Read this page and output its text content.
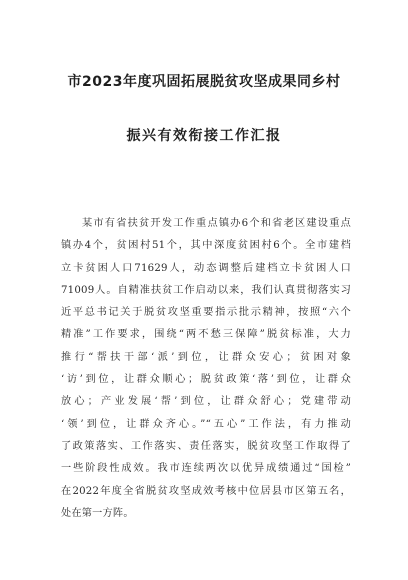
市2023年度巩固拓展脱贫攻坚成果同乡村
振兴有效衔接工作汇报
某市有省扶贫开发工作重点镇办6个和省老区建设重点
镇办4个，贫困村51个，其中深度贫困村6个。全市建档
立卡贫困人口71629人，动态调整后建档立卡贫困人口
71009人。自精准扶贫工作启动以来，我们认真贯彻落实习
近平总书记关于脱贫攻坚重要指示批示精神，按照“六个
精准”工作要求，围绕“两不愁三保障”脱贫标准，大力
推行“帮扶干部‘派’到位，让群众安心；贫困对象
‘访’到位，让群众顺心；脱贫政策‘落’到位，让群众
放心；产业发展‘帮’到位，让群众舒心；党建带动
‘领’到位，让群众齐心。”“五心”工作法，有力推动
了政策落实、工作落实、责任落实，脱贫攻坚工作取得了
一些阶段性成效。我市连续两次以优异成绩通过“国检”
在2022年度全省脱贫攻坚成效考核中位居县市区第五名，
处在第一方阵。
